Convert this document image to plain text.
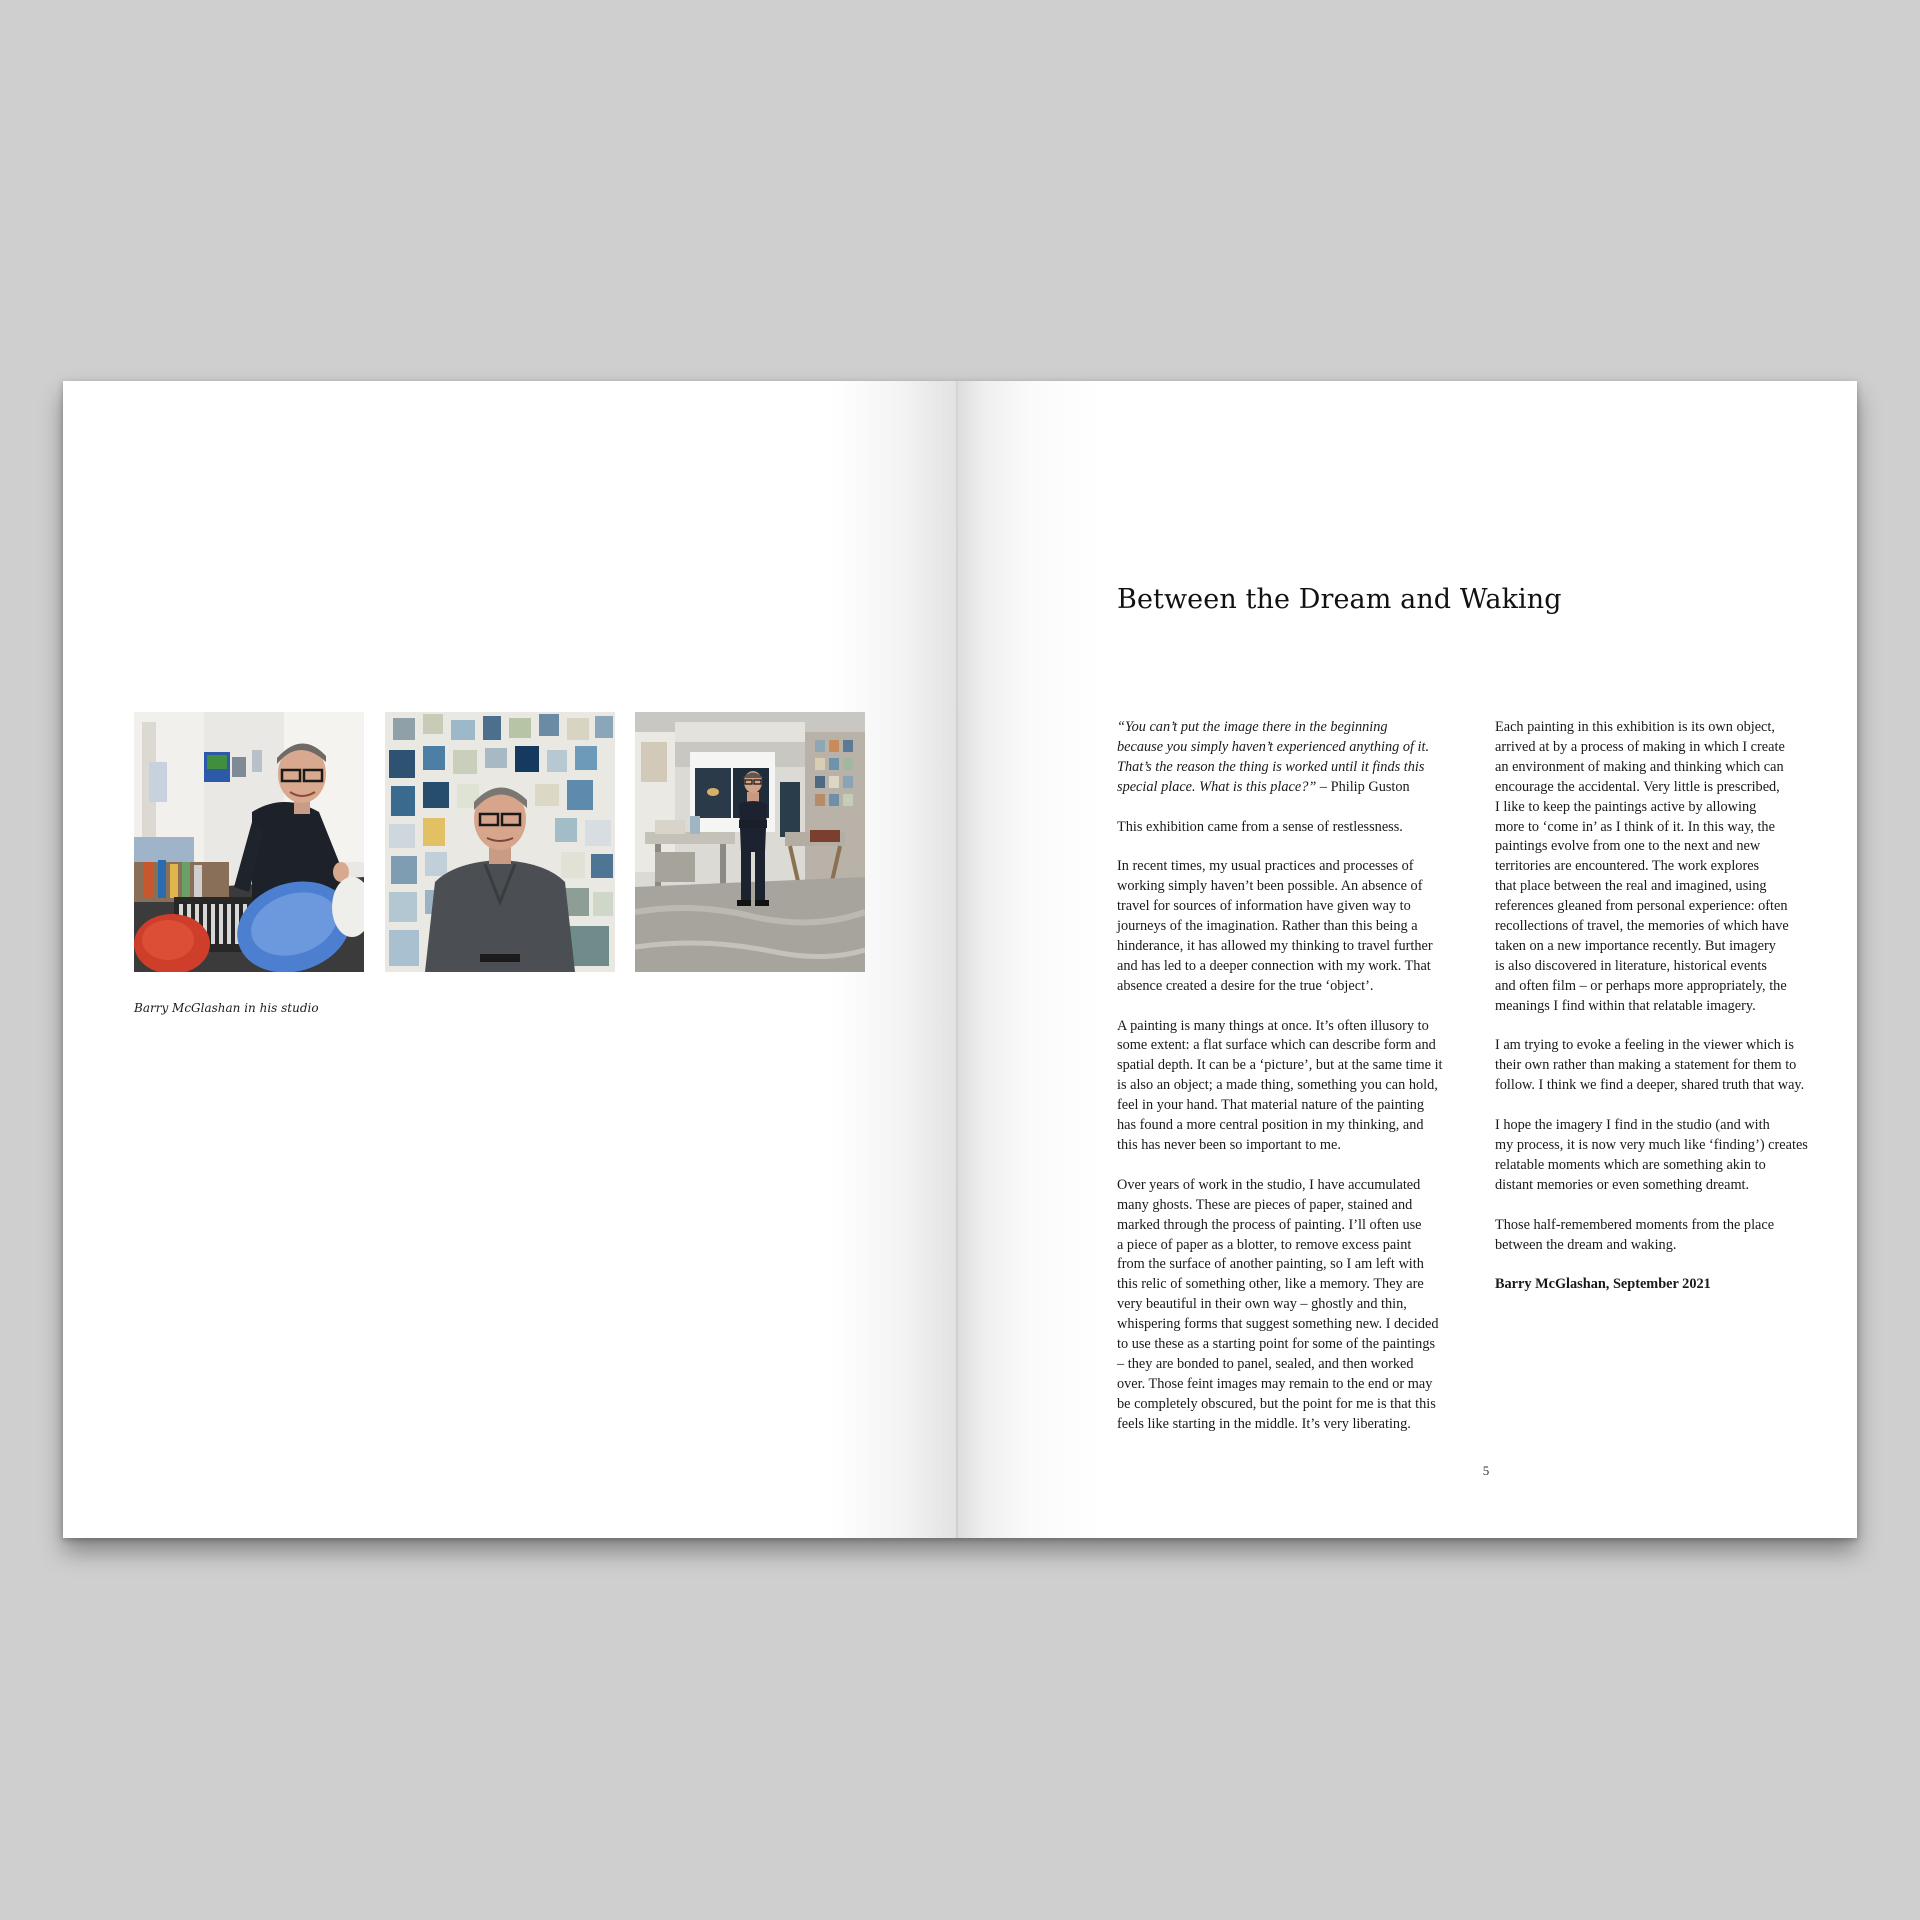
Barry McGlashan in his studio
Between the Dream and Waking

“You can’t put the image there in the beginning
because you simply haven’t experienced anything of it.
That’s the reason the thing is worked until it finds this
special place. What is this place?” – Philip Guston

This exhibition came from a sense of restlessness.

In recent times, my usual practices and processes of
working simply haven’t been possible. An absence of
travel for sources of information have given way to
journeys of the imagination. Rather than this being a
hinderance, it has allowed my thinking to travel further
and has led to a deeper connection with my work. That
absence created a desire for the true ‘object’.

A painting is many things at once. It’s often illusory to
some extent: a flat surface which can describe form and
spatial depth. It can be a ‘picture’, but at the same time it
is also an object; a made thing, something you can hold,
feel in your hand. That material nature of the painting
has found a more central position in my thinking, and
this has never been so important to me.

Over years of work in the studio, I have accumulated
many ghosts. These are pieces of paper, stained and
marked through the process of painting. I’ll often use
a piece of paper as a blotter, to remove excess paint
from the surface of another painting, so I am left with
this relic of something other, like a memory. They are
very beautiful in their own way – ghostly and thin,
whispering forms that suggest something new. I decided
to use these as a starting point for some of the paintings
– they are bonded to panel, sealed, and then worked
over. Those feint images may remain to the end or may
be completely obscured, but the point for me is that this
feels like starting in the middle. It’s very liberating.

Each painting in this exhibition is its own object,
arrived at by a process of making in which I create
an environment of making and thinking which can
encourage the accidental. Very little is prescribed,
I like to keep the paintings active by allowing
more to ‘come in’ as I think of it. In this way, the
paintings evolve from one to the next and new
territories are encountered. The work explores
that place between the real and imagined, using
references gleaned from personal experience: often
recollections of travel, the memories of which have
taken on a new importance recently. But imagery
is also discovered in literature, historical events
and often film – or perhaps more appropriately, the
meanings I find within that relatable imagery.

I am trying to evoke a feeling in the viewer which is
their own rather than making a statement for them to
follow. I think we find a deeper, shared truth that way.

I hope the imagery I find in the studio (and with
my process, it is now very much like ‘finding’) creates
relatable moments which are something akin to
distant memories or even something dreamt.

Those half-remembered moments from the place
between the dream and waking.

Barry McGlashan, September 2021

5
